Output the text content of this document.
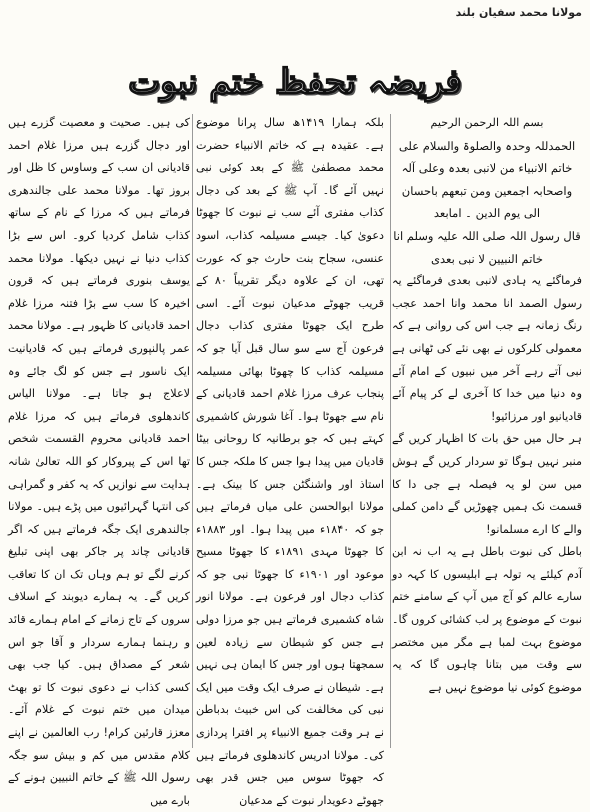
مولانا محمد سفیان بلند
فریضہ تحفظ ختم نبوت

بسم اللہ الرحمن الرحیم

الحمدللہ وحدہ والصلوۃ والسلام علی خاتم الانبیاء من لانبی بعدہ وعلی آلہ واصحابہ اجمعین ومن تبعھم باحسان الی یوم الدین ۔ امابعد

قال رسول اللہ صلی اللہ علیہ وسلم انا خاتم النبیین لا نبی بعدی

فرماگئے یہ ہادی لانبی بعدی فرماگئے یہ رسول الصمد انا محمد وانا احمد عجب رنگ زمانہ ہے جب اس کی روانی ہے کہ معمولی کلرکوں نے بھی نئے کی ٹھانی ہے نبی آتے رہے آخر میں نبیوں کے امام آئے وہ دنیا میں خدا کا آخری لے کر پیام آئے قادیانیو اور مرزائیو!

ہر حال میں حق بات کا اظہار کریں گے منبر نہیں ہوگا تو سردار کریں گے ہوش میں سن لو یہ فیصلہ ہے جی دا کا قسمت نک ہمیں چھوڑیں گے دامن کملی والے کا ارے مسلمانو!

باطل کی نبوت باطل ہے یہ اب نہ ابن آدم کیلئے یہ تولہ ہے ابلیسوں کا کہہ دو سارے عالم کو آج میں آپ کے سامنے ختم نبوت کے موضوع پر لب کشائی کروں گا۔ موضوع بہت لمبا ہے مگر میں مختصر سے وقت میں بتانا چاہوں گا کہ یہ موضوع کوئی نیا موضوع نہیں ہے

بلکہ ہمارا ۱۴۱۹ھ سال پرانا موضوع ہے۔ عقیدہ ہے کہ خاتم الانبیاء حضرت محمد مصطفیٰ ﷺ کے بعد کوئی نبی نہیں آئے گا۔ آپ ﷺ کے بعد کی دجال کذاب مفتری آئے سب نے نبوت کا جھوٹا دعویٰ کیا۔ جیسے مسیلمہ کذاب، اسود عنسی، سجاح بنت حارث جو کہ عورت تھی، ان کے علاوہ دیگر تقریباً ۸۰ کے قریب جھوٹے مدعیان نبوت آئے۔ اسی طرح ایک جھوٹا مفتری کذاب دجال فرعون آج سے سو سال قبل آیا جو کہ مسیلمہ کذاب کا چھوٹا بھائی مسیلمہ پنجاب عرف مرزا غلام احمد قادیانی کے نام سے جھوٹا ہوا۔ آغا شورش کاشمیری کہتے ہیں کہ جو برطانیہ کا روحانی بیٹا قادیان میں پیدا ہوا جس کا ملکہ جس کا استاذ اور واشنگٹن جس کا بینک ہے۔ مولانا ابوالحسن علی میاں فرماتے ہیں جو کہ ۱۸۴۰ء میں پیدا ہوا۔ اور ۱۸۸۳ء کا جھوٹا مہدی ۱۸۹۱ء کا جھوٹا مسیح موعود اور ۱۹۰۱ء کا جھوٹا نبی جو کہ کذاب دجال اور فرعون ہے۔ مولانا انور شاہ کشمیری فرماتے ہیں جو مرزا دولی ہے جس کو شیطان سے زیادہ لعین سمجھتا ہوں اور جس کا ایمان ہی نہیں ہے۔ شیطان نے صرف ایک وقت میں ایک نبی کی مخالفت کی اس خبیث بدباطن نے ہر وقت جمیع الانبیاء پر افترا پردازی کی۔ مولانا ادریس کاندھلوی فرماتے ہیں کہ جھوٹا سوس میں جس قدر بھی جھوٹے دعویدار نبوت کے مدعیان

کی ہیں۔ صحیت و معصیت گزرے ہیں اور دجال گزرے ہیں مرزا غلام احمد قادیانی ان سب کے وساوس کا ظل اور بروز تھا۔ مولانا محمد علی جالندھری فرماتے ہیں کہ مرزا کے نام کے ساتھ کذاب شامل کردیا کرو۔ اس سے بڑا کذاب دنیا نے نہیں دیکھا۔ مولانا محمد یوسف بنوری فرماتے ہیں کہ قرون اخیرہ کا سب سے بڑا فتنہ مرزا غلام احمد قادیانی کا ظہور ہے۔ مولانا محمد عمر پالنپوری فرماتے ہیں کہ قادیانیت ایک ناسور ہے جس کو لگ جائے وہ لاعلاج ہو جاتا ہے۔ مولانا الیاس کاندھلوی فرماتے ہیں کہ مرزا غلام احمد قادیانی محروم القسمت شخص تھا اس کے پیروکار کو اللہ تعالیٰ شانہ ہدایت سے نوازیں کہ یہ کفر و گمراہی کی انتہا گہرائیوں میں پڑے ہیں۔ مولانا جالندھری ایک جگہ فرماتے ہیں کہ اگر قادیانی چاند پر جاکر بھی اپنی تبلیغ کرنے لگے تو ہم وہاں تک ان کا تعاقب کریں گے۔ یہ ہمارے دیوبند کے اسلاف سروں کے تاج زمانے کے امام ہمارے قائد و رہنما ہمارے سردار و آقا جو اس شعر کے مصداق ہیں۔ کیا جب بھی کسی کذاب نے دعوی نبوت کا تو بھٹ میدان میں ختم نبوت کے غلام آئے۔ معزز قارئین کرام! رب العالمین نے اپنے کلام مقدس میں کم و بیش سو جگہ رسول اللہ ﷺ کے خاتم النبیین ہونے کے بارے میں
